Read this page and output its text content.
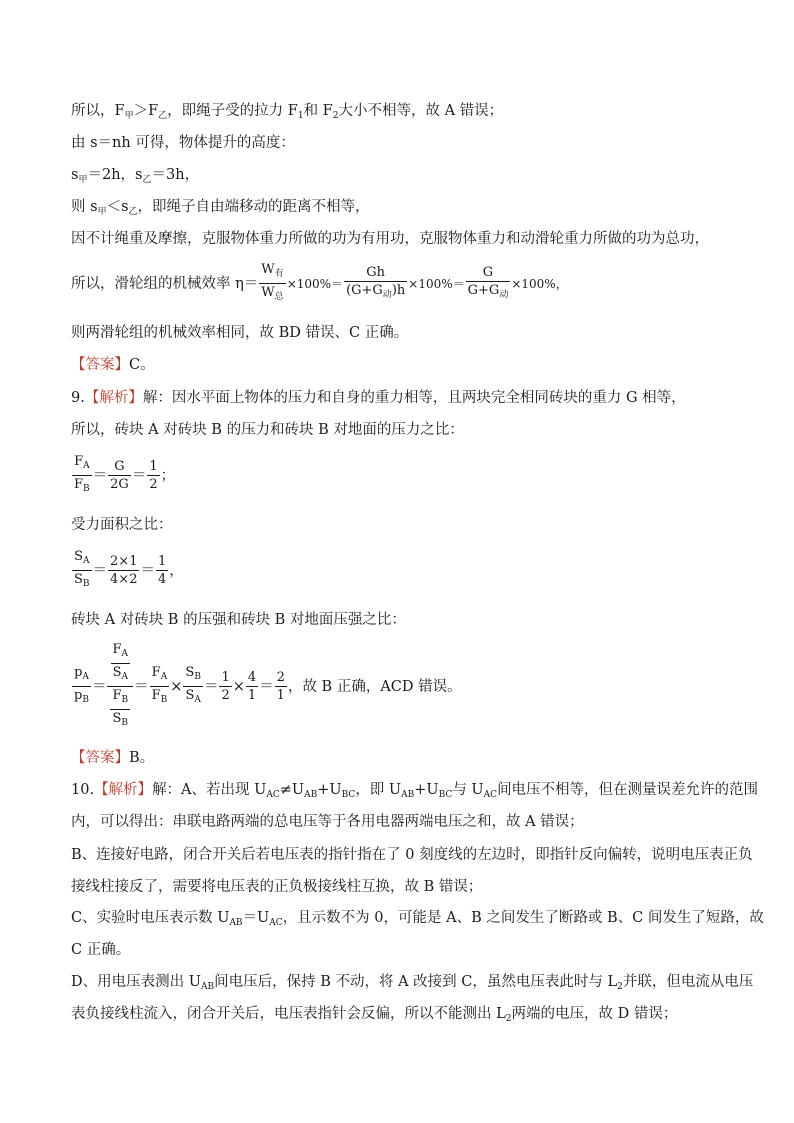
所以，$F_甲>F_乙$，即绳子受的拉力 $F_1$和 $F_2$大小不相等，故 A 错误；
由 s＝nh 可得，物体提升的高度：
$s_甲=2h$，$s_乙=3h$，
则 $s_甲<s_乙$，即绳子自由端移动的距离不相等，
因不计绳重及摩擦，克服物体重力所做的功为有用功，克服物体重力和动滑轮重力所做的功为总功，
所以，滑轮组的机械效率 $\eta= \frac{W_有}{W_总} \times 100\%= \frac{Gh}{(G+G_动)h} \times 100\%= \frac{G}{G+G_动} \times 100\%$，
则两滑轮组的机械效率相同，故 BD 错误、C 正确。
【答案】C。
9.【解析】解：因水平面上物体的压力和自身的重力相等，且两块完全相同砖块的重力 G 相等，
所以，砖块 A 对砖块 B 的压力和砖块 B 对地面的压力之比：
$\frac{F_A}{F_B} = \frac{G}{2G} = \frac{1}{2}$ ；
受力面积之比：
$\frac{S_A}{S_B} = \frac{2\times 1}{4\times 2} = \frac{1}{4}$ ，
砖块 A 对砖块 B 的压强和砖块 B 对地面压强之比：
$\frac{p_A}{p_B} = \frac{\frac{F_A}{S_A}}{\frac{F_B}{S_B}} = \frac{F_A}{F_B} \times \frac{S_B}{S_A} = \frac{1}{2} \times \frac{4}{1} = \frac{2}{1}$ ，故 B 正确，ACD 错误。
【答案】B。
10.【解析】解：A、若出现 $U_{AC}\ne U_{AB}+U_{BC}$，即 $U_{AB}+U_{BC}$与 $U_{AC}$间电压不相等，但在测量误差允许的范围
内，可以得出：串联电路两端的总电压等于各用电器两端电压之和，故 A 错误；
B、连接好电路，闭合开关后若电压表的指针指在了 0 刻度线的左边时，即指针反向偏转，说明电压表正负
接线柱接反了，需要将电压表的正负极接线柱互换，故 B 错误；
C、实验时电压表示数 $U_{AB}=U_{AC}$，且示数不为 0，可能是 A、B 之间发生了断路或 B、C 间发生了短路，故
C 正确。
D、用电压表测出 $U_{AB}$间电压后，保持 B 不动，将 A 改接到 C，虽然电压表此时与 $L_2$并联，但电流从电压
表负接线柱流入，闭合开关后，电压表指针会反偏，所以不能测出 $L_2$两端的电压，故 D 错误；
